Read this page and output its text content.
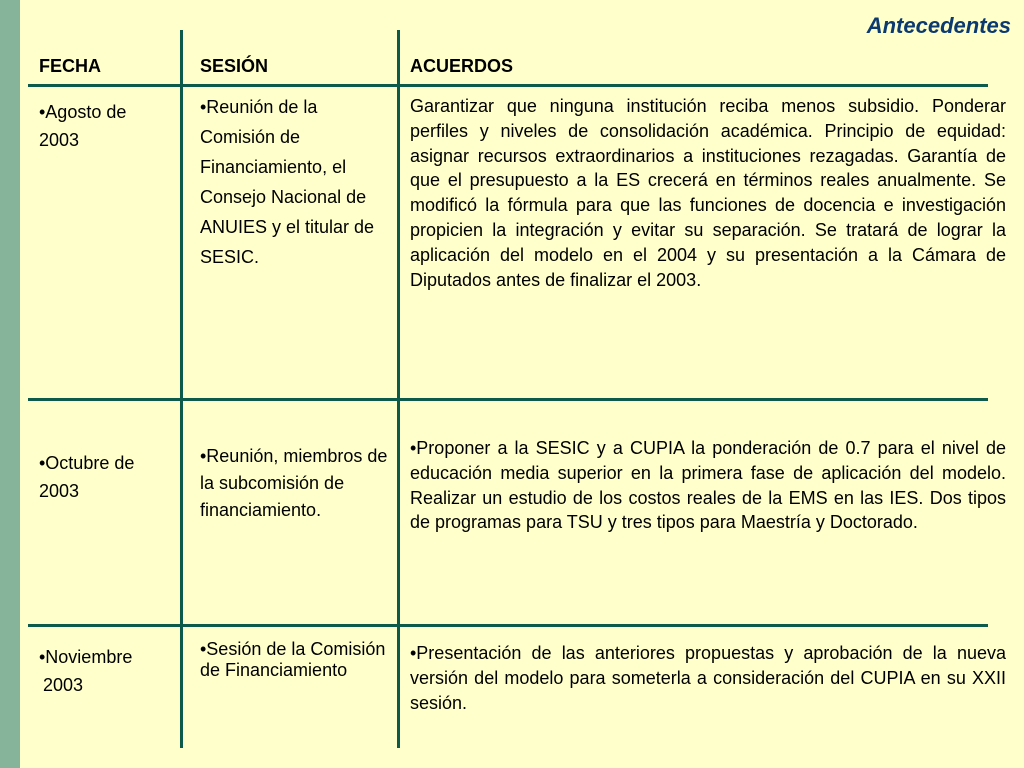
Antecedentes
FECHA	SESIÓN	ACUERDOS
•Agosto de
2003
•Reunión de la Comisión de Financiamiento, el Consejo Nacional de ANUIES y el titular de SESIC.
Garantizar que ninguna institución reciba menos subsidio. Ponderar perfiles y niveles de consolidación académica. Principio de equidad: asignar recursos extraordinarios a instituciones rezagadas. Garantía de que el presupuesto a la ES crecerá en términos reales anualmente. Se modificó la fórmula para que las funciones de docencia e investigación propicien la integración y evitar su separación. Se tratará de lograr la aplicación del modelo en el 2004 y su presentación a la Cámara de Diputados antes de finalizar el 2003.
•Octubre de
2003
•Reunión, miembros de la subcomisión de financiamiento.
•Proponer a la SESIC y a CUPIA la ponderación de 0.7 para el nivel de educación media superior en la primera fase de aplicación del modelo. Realizar un estudio de los costos reales de la EMS en las IES. Dos tipos de programas para TSU y tres tipos para Maestría y Doctorado.
•Noviembre
2003
•Sesión de la Comisión de Financiamiento
•Presentación de las anteriores propuestas y aprobación de la nueva versión del modelo para someterla a consideración del CUPIA en su XXII sesión.
